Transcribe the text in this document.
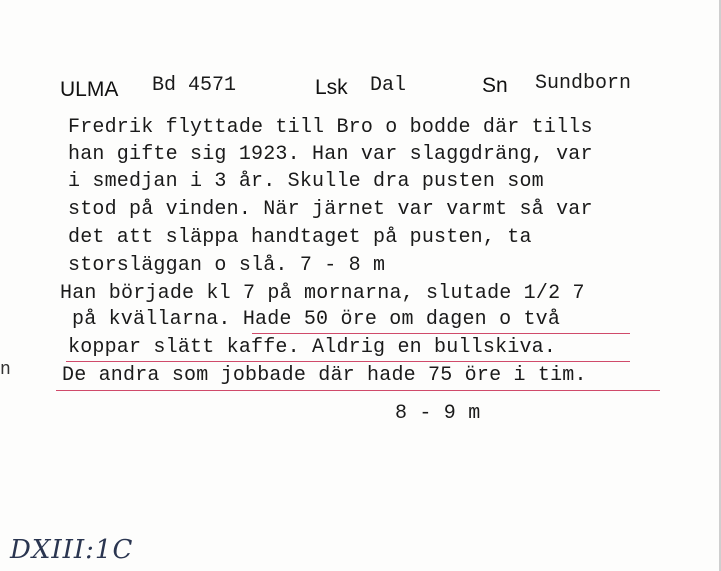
ULMA Bd 4571	Lsk Dal	Sn Sundborn
Fredrik flyttade till Bro o bodde där tills
han gifte sig 1923. Han var slaggdräng, var
i smedjan i 3 år. Skulle dra pusten som
stod på vinden. När järnet var varmt så var
det att släppa handtaget på pusten, ta
storsläggan o slå. 7 - 8 m
Han började kl 7 på mornarna, slutade 1/2 7
på kvällarna. Hade 50 öre om dagen o två
koppar slätt kaffe. Aldrig en bullskiva.
De andra som jobbade där hade 75 öre i tim.
8 - 9 m
n
DXIII:1C
